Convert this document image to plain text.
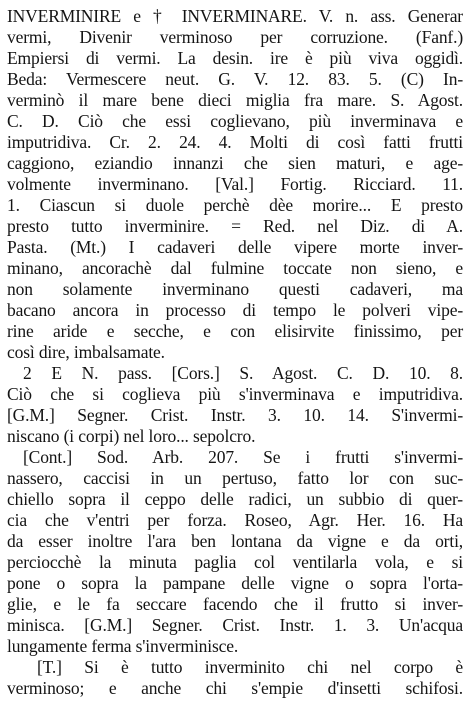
INVERMINIRE e † INVERMINARE. V. n. ass. Generar
vermi, Divenir verminoso per corruzione. (Fanf.)
Empiersi di vermi. La desin. ire è più viva oggidì.
Beda: Vermescere neut. G. V. 12. 83. 5. (C) In-
verminò il mare bene dieci miglia fra mare. S. Agost.
C. D. Ciò che essi coglievano, più inverminava e
imputridiva. Cr. 2. 24. 4. Molti di così fatti frutti
caggiono, eziandio innanzi che sien maturi, e age-
volmente inverminano. [Val.] Fortig. Ricciard. 11.
1. Ciascun si duole perchè dèe morire... E presto
presto tutto inverminire. = Red. nel Diz. di A.
Pasta. (Mt.) I cadaveri delle vipere morte inver-
minano, ancorachè dal fulmine toccate non sieno, e
non solamente inverminano questi cadaveri, ma
bacano ancora in processo di tempo le polveri vipe-
rine aride e secche, e con elisirvite finissimo, per
così dire, imbalsamate.
2 E N. pass. [Cors.] S. Agost. C. D. 10. 8.
Ciò che si coglieva più s'inverminava e imputridiva.
[G.M.] Segner. Crist. Instr. 3. 10. 14. S'invermi-
niscano (i corpi) nel loro... sepolcro.
[Cont.] Sod. Arb. 207. Se i frutti s'invermi-
nassero, caccisi in un pertuso, fatto lor con suc-
chiello sopra il ceppo delle radici, un subbio di quer-
cia che v'entri per forza. Roseo, Agr. Her. 16. Ha
da esser inoltre l'ara ben lontana da vigne e da orti,
perciocchè la minuta paglia col ventilarla vola, e si
pone o sopra la pampane delle vigne o sopra l'orta-
glie, e le fa seccare facendo che il frutto si inver-
minisca. [G.M.] Segner. Crist. Instr. 1. 3. Un'acqua
lungamente ferma s'inverminisce.
[T.] Si è tutto inverminito chi nel corpo è
verminoso; e anche chi s'empie d'insetti schifosi.
